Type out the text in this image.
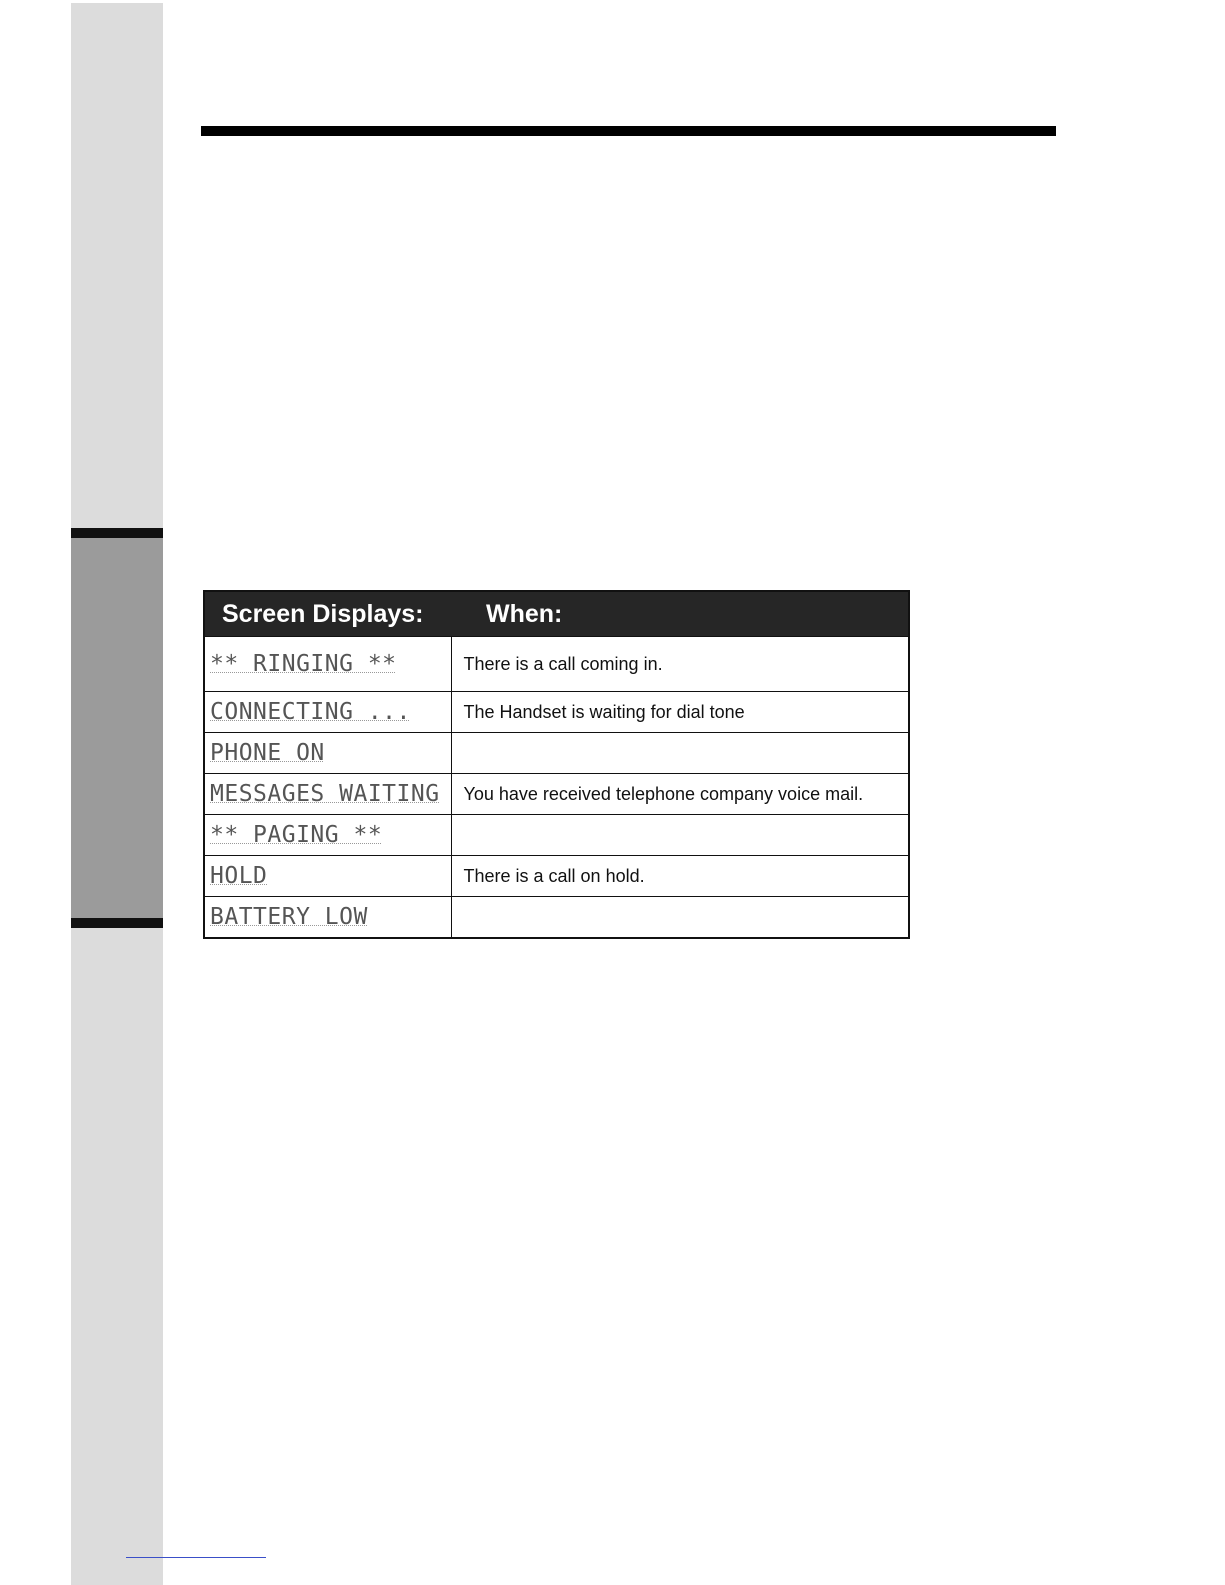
Screen Displays:	When:
** RINGING **	There is a call coming in.
CONNECTING ...	The Handset is waiting for dial tone
PHONE ON	
MESSAGES WAITING	You have received telephone company voice mail.
** PAGING **	
HOLD	There is a call on hold.
BATTERY LOW	
